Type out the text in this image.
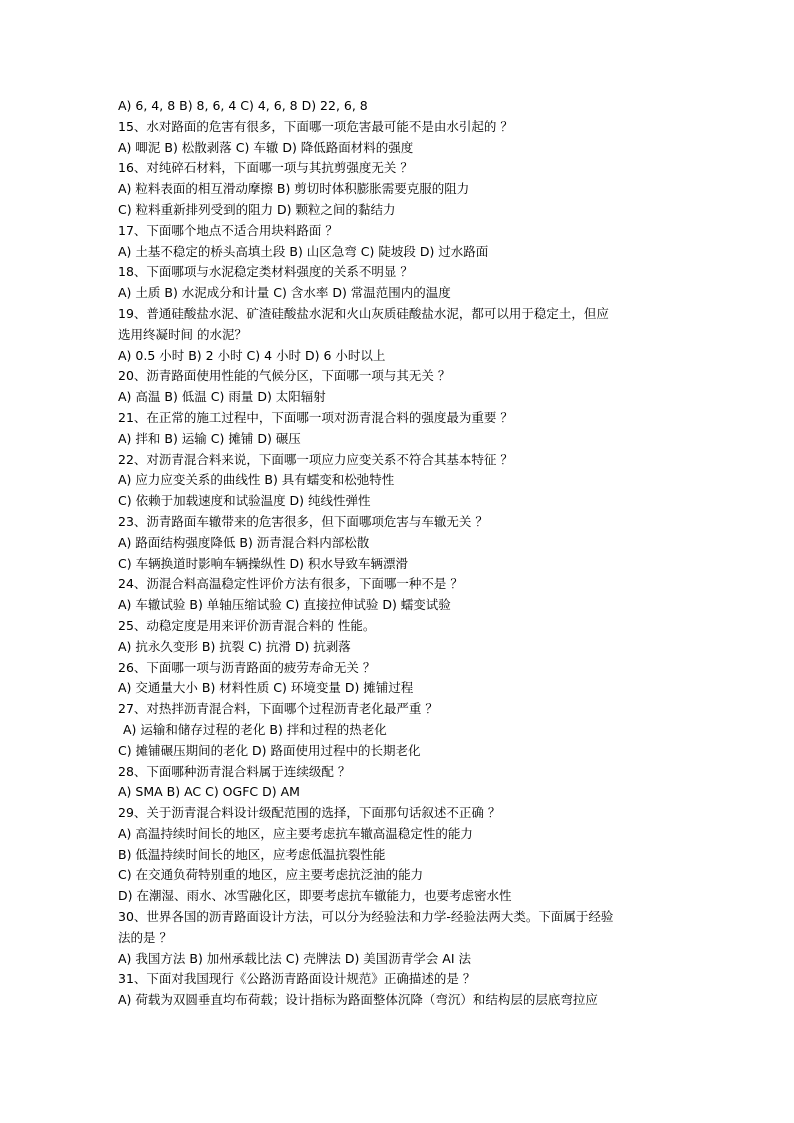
A) 6, 4, 8 B) 8, 6, 4 C) 4, 6, 8 D) 22, 6, 8
15、水对路面的危害有很多，下面哪一项危害最可能不是由水引起的 ？
A) 唧泥 B) 松散剥落 C) 车辙 D) 降低路面材料的强度
16、对纯碎石材料，下面哪一项与其抗剪强度无关 ？
A) 粒料表面的相互滑动摩擦 B) 剪切时体积膨胀需要克服的阻力
C) 粒料重新排列受到的阻力 D) 颗粒之间的黏结力
17、下面哪个地点不适合用块料路面 ？
A) 土基不稳定的桥头高填土段 B) 山区急弯 C) 陡坡段 D) 过水路面
18、下面哪项与水泥稳定类材料强度的关系不明显 ？
A) 土质 B) 水泥成分和计量 C) 含水率 D) 常温范围内的温度
19、普通硅酸盐水泥、矿渣硅酸盐水泥和火山灰质硅酸盐水泥，都可以用于稳定土，但应
选用终凝时间 的水泥？
A) 0.5 小时 B) 2 小时 C) 4 小时 D) 6 小时以上
20、沥青路面使用性能的气候分区，下面哪一项与其无关 ？
A) 高温 B) 低温 C) 雨量 D) 太阳辐射
21、在正常的施工过程中，下面哪一项对沥青混合料的强度最为重要 ？
A) 拌和 B) 运输 C) 摊铺 D) 碾压
22、对沥青混合料来说，下面哪一项应力应变关系不符合其基本特征 ？
A) 应力应变关系的曲线性 B) 具有蠕变和松弛特性
C) 依赖于加载速度和试验温度 D) 纯线性弹性
23、沥青路面车辙带来的危害很多，但下面哪项危害与车辙无关 ？
A) 路面结构强度降低 B) 沥青混合料内部松散
C) 车辆换道时影响车辆操纵性 D) 积水导致车辆漂滑
24、沥混合料高温稳定性评价方法有很多，下面哪一种不是 ？
A) 车辙试验 B) 单轴压缩试验 C) 直接拉伸试验 D) 蠕变试验
25、动稳定度是用来评价沥青混合料的 性能。
A) 抗永久变形 B) 抗裂 C) 抗滑 D) 抗剥落
26、下面哪一项与沥青路面的疲劳寿命无关 ？
A) 交通量大小 B) 材料性质 C) 环境变量 D) 摊铺过程
27、对热拌沥青混合料，下面哪个过程沥青老化最严重 ？
A) 运输和储存过程的老化 B) 拌和过程的热老化
C) 摊铺碾压期间的老化 D) 路面使用过程中的长期老化
28、下面哪种沥青混合料属于连续级配 ？
A) SMA B) AC C) OGFC D) AM
29、关于沥青混合料设计级配范围的选择，下面那句话叙述不正确 ？
A) 高温持续时间长的地区，应主要考虑抗车辙高温稳定性的能力
B) 低温持续时间长的地区，应考虑低温抗裂性能
C) 在交通负荷特别重的地区，应主要考虑抗泛油的能力
D) 在潮湿、雨水、冰雪融化区，即要考虑抗车辙能力，也要考虑密水性
30、世界各国的沥青路面设计方法，可以分为经验法和力学-经验法两大类。下面属于经验
法的是 ？
A) 我国方法 B) 加州承载比法 C) 壳牌法 D) 美国沥青学会 AI 法
31、下面对我国现行《公路沥青路面设计规范》正确描述的是 ？
A) 荷载为双圆垂直均布荷载；设计指标为路面整体沉降（弯沉）和结构层的层底弯拉应
